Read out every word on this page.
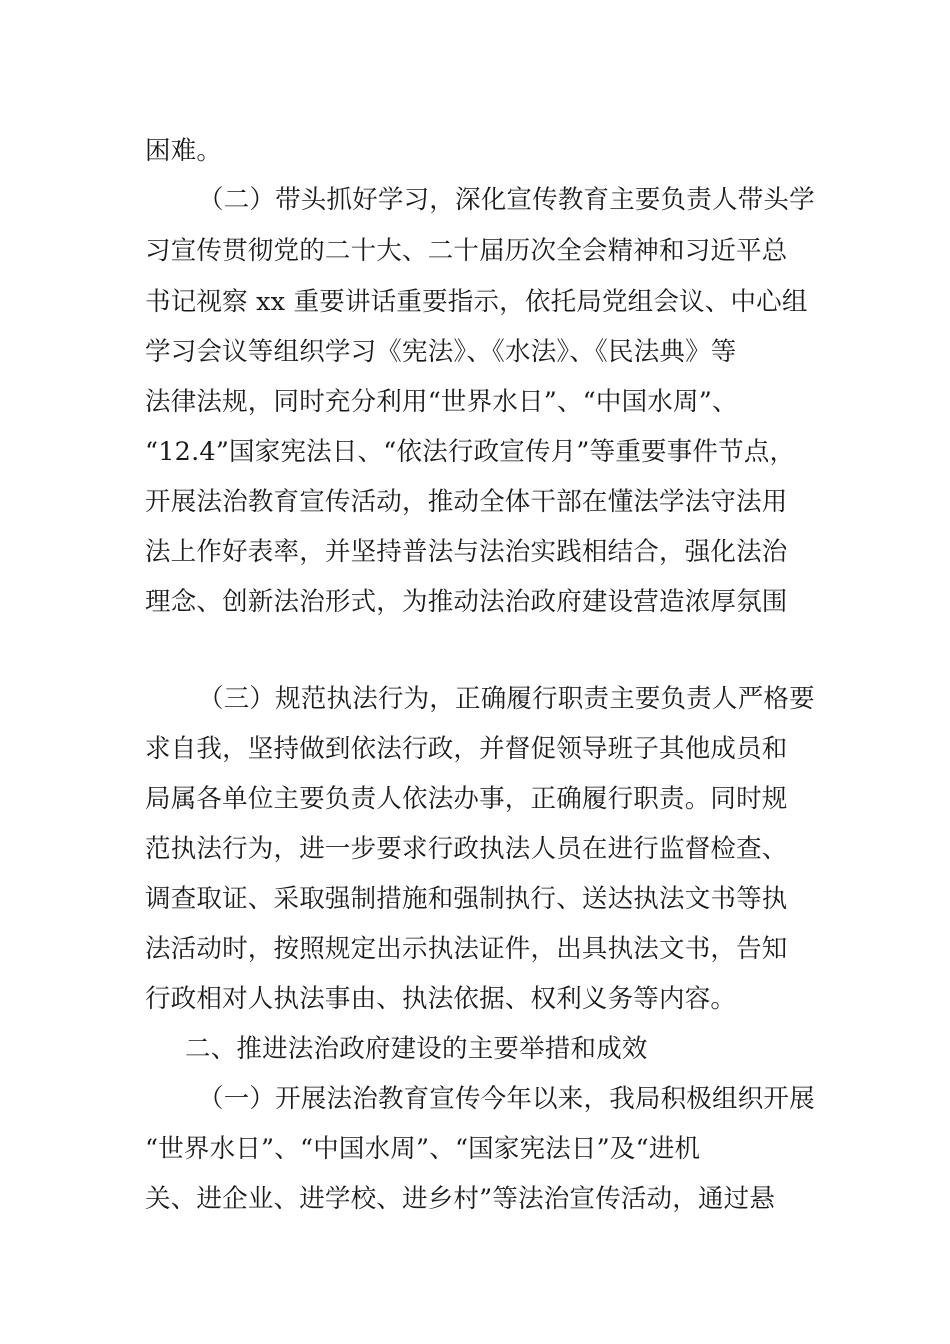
困难。
（二）带头抓好学习，深化宣传教育主要负责人带头学
习宣传贯彻党的二十大、二十届历次全会精神和习近平总
书记视察 xx 重要讲话重要指示，依托局党组会议、中心组
学习会议等组织学习《宪法》、《水法》、《民法典》等
法律法规，同时充分利用“世界水日”、“中国水周”、
“12.4”国家宪法日、“依法行政宣传月”等重要事件节点，
开展法治教育宣传活动，推动全体干部在懂法学法守法用
法上作好表率，并坚持普法与法治实践相结合，强化法治
理念、创新法治形式，为推动法治政府建设营造浓厚氛围
（三）规范执法行为，正确履行职责主要负责人严格要
求自我，坚持做到依法行政，并督促领导班子其他成员和
局属各单位主要负责人依法办事，正确履行职责。同时规
范执法行为，进一步要求行政执法人员在进行监督检查、
调查取证、采取强制措施和强制执行、送达执法文书等执
法活动时，按照规定出示执法证件，出具执法文书，告知
行政相对人执法事由、执法依据、权利义务等内容。
二、推进法治政府建设的主要举措和成效
（一）开展法治教育宣传今年以来，我局积极组织开展
“世界水日”、“中国水周”、“国家宪法日”及“进机
关、进企业、进学校、进乡村”等法治宣传活动，通过悬
